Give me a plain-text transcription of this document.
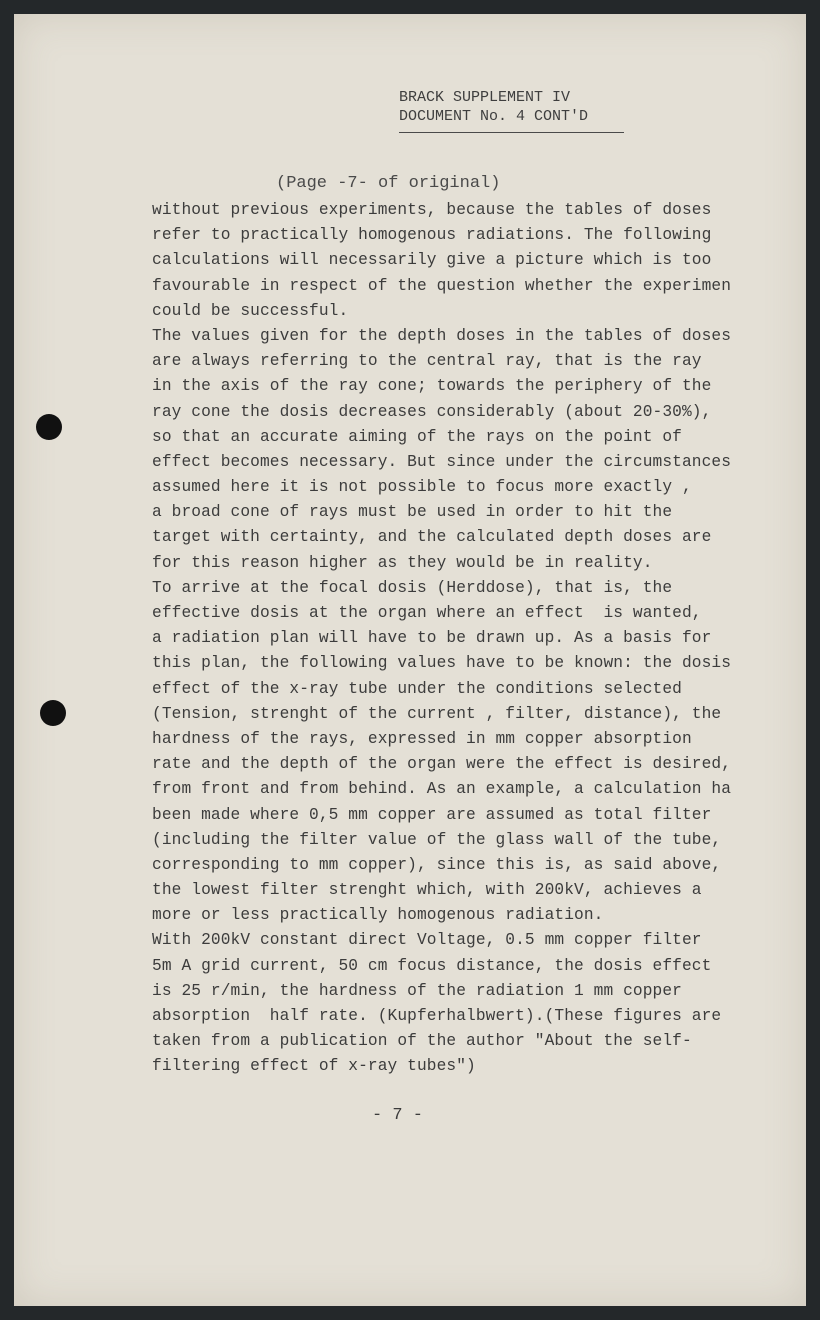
BRACK SUPPLEMENT IV
DOCUMENT No. 4 CONT'D
(Page -7- of original)
without previous experiments, because the tables of doses
refer to practically homogenous radiations. The following
calculations will necessarily give a picture which is too
favourable in respect of the question whether the experimen
could be successful.
The values given for the depth doses in the tables of doses
are always referring to the central ray, that is the ray
in the axis of the ray cone; towards the periphery of the
ray cone the dosis decreases considerably (about 20-30%),
so that an accurate aiming of the rays on the point of
effect becomes necessary. But since under the circumstances
assumed here it is not possible to focus more exactly ,
a broad cone of rays must be used in order to hit the
target with certainty, and the calculated depth doses are
for this reason higher as they would be in reality.
To arrive at the focal dosis (Herddose), that is, the
effective dosis at the organ where an effect  is wanted,
a radiation plan will have to be drawn up. As a basis for
this plan, the following values have to be known: the dosis
effect of the x-ray tube under the conditions selected
(Tension, strenght of the current , filter, distance), the
hardness of the rays, expressed in mm copper absorption
rate and the depth of the organ were the effect is desired,
from front and from behind. As an example, a calculation ha
been made where 0,5 mm copper are assumed as total filter
(including the filter value of the glass wall of the tube,
corresponding to mm copper), since this is, as said above,
the lowest filter strenght which, with 200kV, achieves a
more or less practically homogenous radiation.
With 200kV constant direct Voltage, 0.5 mm copper filter
5m A grid current, 50 cm focus distance, the dosis effect
is 25 r/min, the hardness of the radiation 1 mm copper
absorption  half rate. (Kupferhalbwert).(These figures are
taken from a publication of the author "About the self-
filtering effect of x-ray tubes")
- 7 -
